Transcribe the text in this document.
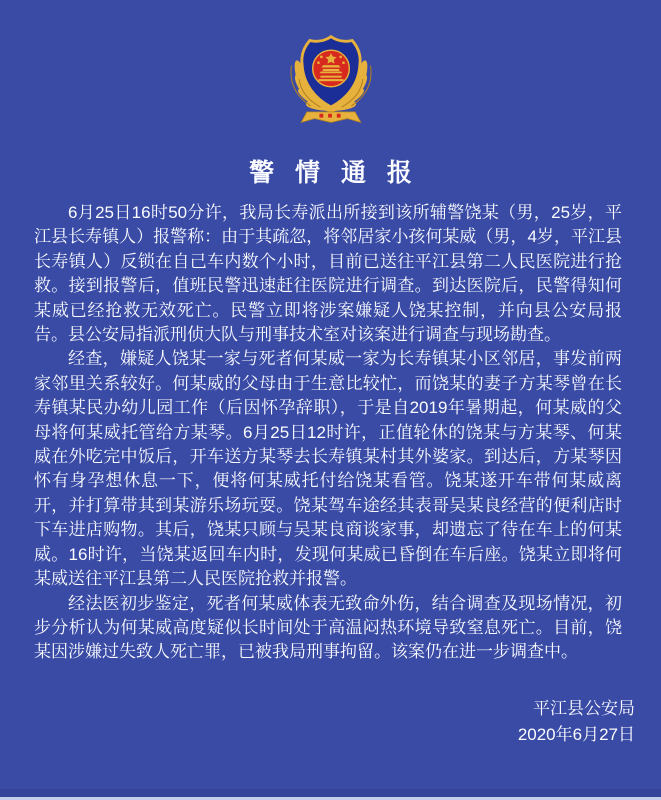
警 情 通 报

6月25日16时50分许，我局长寿派出所接到该所辅警饶某（男，25岁，平江县长寿镇人）报警称：由于其疏忽，将邻居家小孩何某威（男，4岁，平江县长寿镇人）反锁在自己车内数个小时，目前已送往平江县第二人民医院进行抢救。接到报警后，值班民警迅速赶往医院进行调查。到达医院后，民警得知何某威已经抢救无效死亡。民警立即将涉案嫌疑人饶某控制，并向县公安局报告。县公安局指派刑侦大队与刑事技术室对该案进行调查与现场勘查。

经查，嫌疑人饶某一家与死者何某威一家为长寿镇某小区邻居，事发前两家邻里关系较好。何某威的父母由于生意比较忙，而饶某的妻子方某琴曾在长寿镇某民办幼儿园工作（后因怀孕辞职），于是自2019年暑期起，何某威的父母将何某威托管给方某琴。6月25日12时许，正值轮休的饶某与方某琴、何某威在外吃完中饭后，开车送方某琴去长寿镇某村其外婆家。到达后，方某琴因怀有身孕想休息一下，便将何某威托付给饶某看管。饶某遂开车带何某威离开，并打算带其到某游乐场玩耍。饶某驾车途经其表哥吴某良经营的便利店时下车进店购物。其后，饶某只顾与吴某良商谈家事，却遗忘了待在车上的何某威。16时许，当饶某返回车内时，发现何某威已昏倒在车后座。饶某立即将何某威送往平江县第二人民医院抢救并报警。

经法医初步鉴定，死者何某威体表无致命外伤，结合调查及现场情况，初步分析认为何某威高度疑似长时间处于高温闷热环境导致窒息死亡。目前，饶某因涉嫌过失致人死亡罪，已被我局刑事拘留。该案仍在进一步调查中。

平江县公安局
2020年6月27日
